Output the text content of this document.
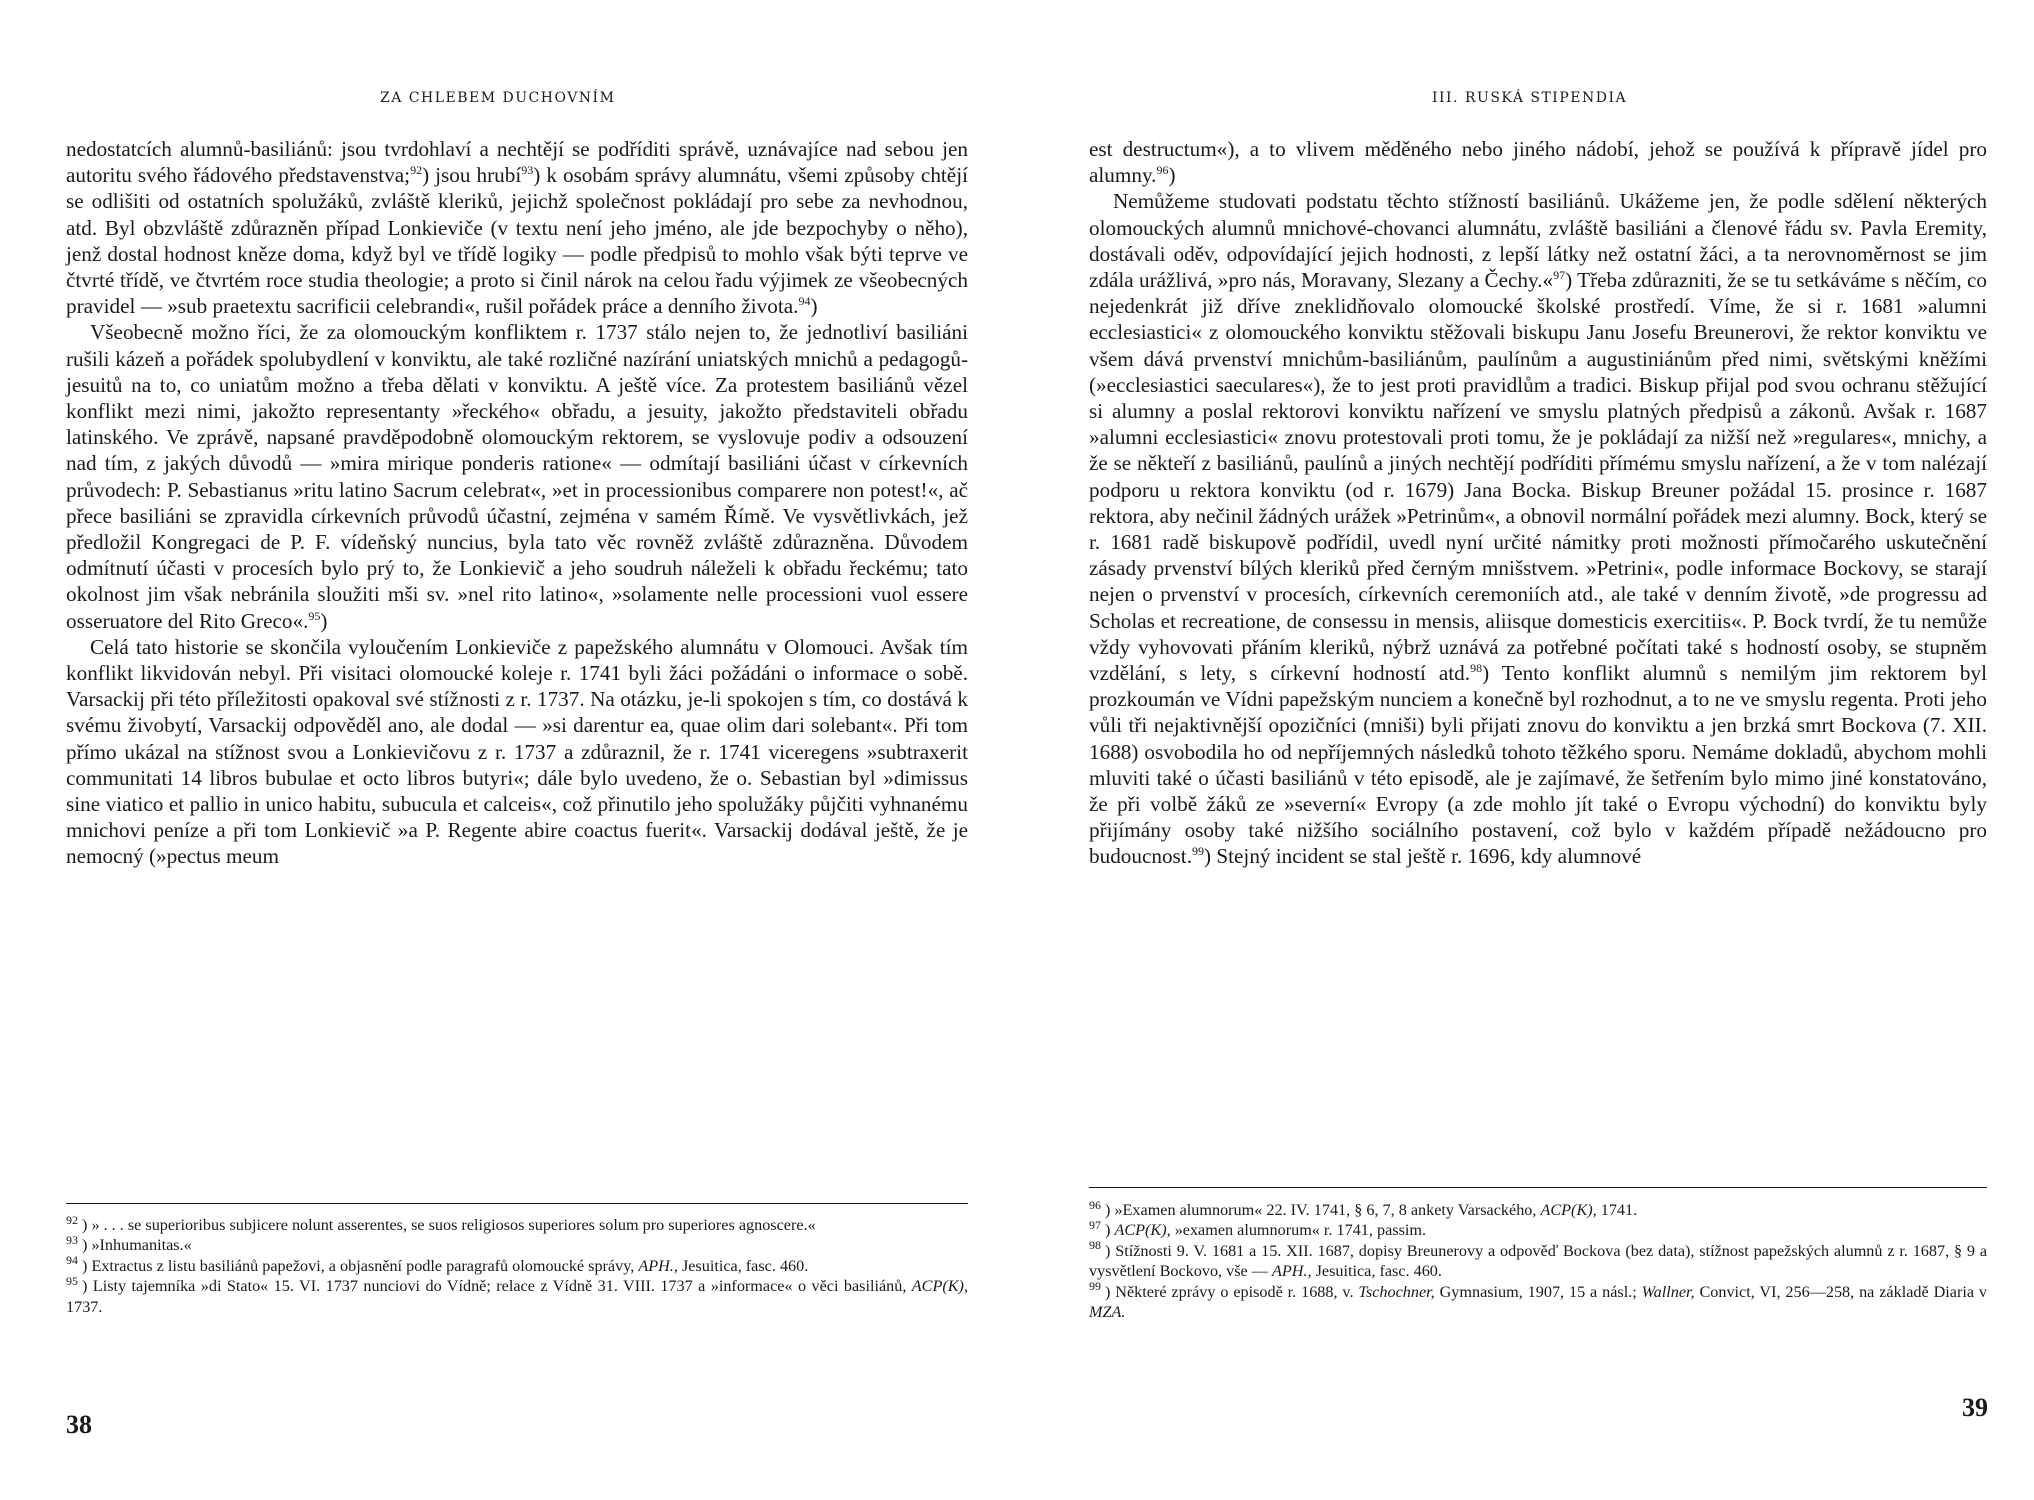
ZA CHLEBEM DUCHOVNÍM

nedostatcích alumnů-basiliánů: jsou tvrdohlaví a nechtějí se podříditi správě, uznávajíce nad sebou jen autoritu svého řádového představenstva;$^{92}$) jsou hrubí$^{93}$) k osobám správy alumnátu, všemi způsoby chtějí se odlišiti od ostatních spolužáků, zvláště kleriků, jejichž společnost pokládají pro sebe za nevhodnou, atd. Byl obzvláště zdůrazněn případ Lonkieviče (v textu není jeho jméno, ale jde bezpochyby o něho), jenž dostal hodnost kněze doma, když byl ve třídě logiky — podle předpisů to mohlo však býti teprve ve čtvrté třídě, ve čtvrtém roce studia theologie; a proto si činil nárok na celou řadu výjimek ze všeobecných pravidel — »sub praetextu sacrificii celebrandi«, rušil pořádek práce a denního života.$^{94}$)

Všeobecně možno říci, že za olomouckým konfliktem r. 1737 stálo nejen to, že jednotliví basiliáni rušili kázeň a pořádek spolubydlení v konviktu, ale také rozličné nazírání uniatských mnichů a pedagogů-jesuitů na to, co uniatům možno a třeba dělati v konviktu. A ještě více. Za protestem basiliánů vězel konflikt mezi nimi, jakožto representanty »řeckého« obřadu, a jesuity, jakožto představiteli obřadu latinského. Ve zprávě, napsané pravděpodobně olomouckým rektorem, se vyslovuje podiv a odsouzení nad tím, z jakých důvodů — »mira mirique ponderis ratione« — odmítají basiliáni účast v církevních průvodech: P. Sebastianus »ritu latino Sacrum celebrat«, »et in processionibus comparere non potest!«, ač přece basiliáni se zpravidla církevních průvodů účastní, zejména v samém Římě. Ve vysvětlivkách, jež předložil Kongregaci de P. F. vídeňský nuncius, byla tato věc rovněž zvláště zdůrazněna. Důvodem odmítnutí účasti v procesích bylo prý to, že Lonkievič a jeho soudruh náleželi k obřadu řeckému; tato okolnost jim však nebránila sloužiti mši sv. »nel rito latino«, »solamente nelle processioni vuol essere osseruatore del Rito Greco«.$^{95}$)

Celá tato historie se skončila vyloučením Lonkieviče z papežského alumnátu v Olomouci. Avšak tím konflikt likvidován nebyl. Při visitaci olomoucké koleje r. 1741 byli žáci požádáni o informace o sobě. Varsackij při této příležitosti opakoval své stížnosti z r. 1737. Na otázku, je-li spokojen s tím, co dostává k svému živobytí, Varsackij odpověděl ano, ale dodal — »si darentur ea, quae olim dari solebant«. Při tom přímo ukázal na stížnost svou a Lonkievičovu z r. 1737 a zdůraznil, že r. 1741 viceregens »subtraxerit communitati 14 libros bubulae et octo libros butyri«; dále bylo uvedeno, že o. Sebastian byl »dimissus sine viatico et pallio in unico habitu, subucula et calceis«, což přinutilo jeho spolužáky půjčiti vyhnanému mnichovi peníze a při tom Lonkievič »a P. Regente abire coactus fuerit«. Varsackij dodával ještě, že je nemocný (»pectus meum

$^{92}$ ) » . . . se superioribus subjicere nolunt asserentes, se suos religiosos superiores solum pro superiores agnoscere.«

$^{93}$ ) »Inhumanitas.«

$^{94}$ ) Extractus z listu basiliánů papežovi, a objasnění podle paragrafů olomoucké správy, APH., Jesuitica, fasc. 460.

$^{95}$ ) Listy tajemníka »di Stato« 15. VI. 1737 nunciovi do Vídně; relace z Vídně 31. VIII. 1737 a »informace« o věci basiliánů, ACP(K), 1737.

38
III. RUSKÁ STIPENDIA

est destructum«), a to vlivem měděného nebo jiného nádobí, jehož se používá k přípravě jídel pro alumny.$^{96}$)

Nemůžeme studovati podstatu těchto stížností basiliánů. Ukážeme jen, že podle sdělení některých olomouckých alumnů mnichové-chovanci alumnátu, zvláště basiliáni a členové řádu sv. Pavla Eremity, dostávali oděv, odpovídající jejich hodnosti, z lepší látky než ostatní žáci, a ta nerovnoměrnost se jim zdála urážlivá, »pro nás, Moravany, Slezany a Čechy.«$^{97}$) Třeba zdůrazniti, že se tu setkáváme s něčím, co nejedenkrát již dříve zneklidňovalo olomoucké školské prostředí. Víme, že si r. 1681 »alumni ecclesiastici« z olomouckého konviktu stěžovali biskupu Janu Josefu Breunerovi, že rektor konviktu ve všem dává prvenství mnichům-basiliánům, paulínům a augustiniánům před nimi, světskými kněžími (»ecclesiastici saeculares«), že to jest proti pravidlům a tradici. Biskup přijal pod svou ochranu stěžující si alumny a poslal rektorovi konviktu nařízení ve smyslu platných předpisů a zákonů. Avšak r. 1687 »alumni ecclesiastici« znovu protestovali proti tomu, že je pokládají za nižší než »regulares«, mnichy, a že se někteří z basiliánů, paulínů a jiných nechtějí podříditi přímému smyslu nařízení, a že v tom nalézají podporu u rektora konviktu (od r. 1679) Jana Bocka. Biskup Breuner požádal 15. prosince r. 1687 rektora, aby nečinil žádných urážek »Petrinům«, a obnovil normální pořádek mezi alumny. Bock, který se r. 1681 radě biskupově podřídil, uvedl nyní určité námitky proti možnosti přímočarého uskutečnění zásady prvenství bílých kleriků před černým mnišstvem. »Petrini«, podle informace Bockovy, se starají nejen o prvenství v procesích, církevních ceremoniích atd., ale také v denním životě, »de progressu ad Scholas et recreatione, de consessu in mensis, aliisque domesticis exercitiis«. P. Bock tvrdí, že tu nemůže vždy vyhovovati přáním kleriků, nýbrž uznává za potřebné počítati také s hodností osoby, se stupněm vzdělání, s lety, s církevní hodností atd.$^{98}$) Tento konflikt alumnů s nemilým jim rektorem byl prozkoumán ve Vídni papežským nunciem a konečně byl rozhodnut, a to ne ve smyslu regenta. Proti jeho vůli tři nejaktivnější opozičníci (mniši) byli přijati znovu do konviktu a jen brzká smrt Bockova (7. XII. 1688) osvobodila ho od nepříjemných následků tohoto těžkého sporu. Nemáme dokladů, abychom mohli mluviti také o účasti basiliánů v této episodě, ale je zajímavé, že šetřením bylo mimo jiné konstatováno, že při volbě žáků ze »severní« Evropy (a zde mohlo jít také o Evropu východní) do konviktu byly přijímány osoby také nižšího sociálního postavení, což bylo v každém případě nežádoucno pro budoucnost.$^{99}$) Stejný incident se stal ještě r. 1696, kdy alumnové

$^{96}$ ) »Examen alumnorum« 22. IV. 1741, § 6, 7, 8 ankety Varsackého, ACP(K), 1741.

$^{97}$ ) ACP(K), »examen alumnorum« r. 1741, passim.

$^{98}$ ) Stížnosti 9. V. 1681 a 15. XII. 1687, dopisy Breunerovy a odpověď Bockova (bez data), stížnost papežských alumnů z r. 1687, § 9 a vysvětlení Bockovo, vše — APH., Jesuitica, fasc. 460.

$^{99}$ ) Některé zprávy o episodě r. 1688, v. Tschochner, Gymnasium, 1907, 15 a násl.; Wallner, Convict, VI, 256—258, na základě Diaria v MZA.

39
